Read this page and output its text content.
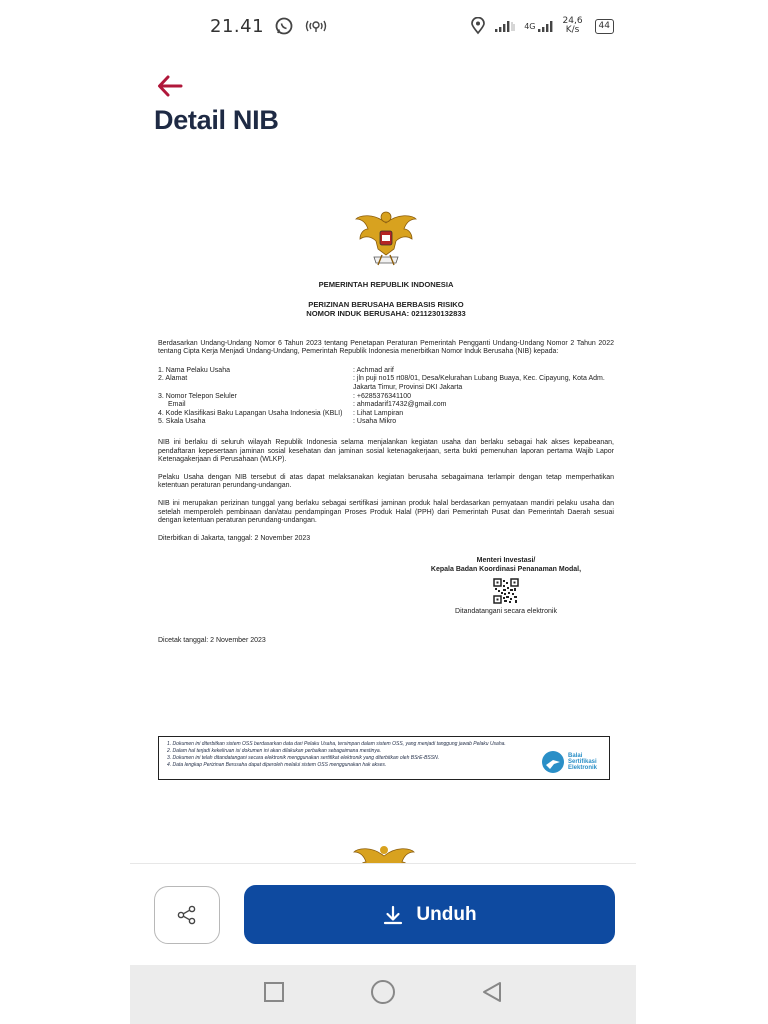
21.41	4G	24,6
K/s	44
Detail NIB
PEMERINTAH REPUBLIK INDONESIA
PERIZINAN BERUSAHA BERBASIS RISIKO
NOMOR INDUK BERUSAHA: 0211230132833
Berdasarkan Undang-Undang Nomor 6 Tahun 2023 tentang Penetapan Peraturan Pemerintah Pengganti Undang-Undang Nomor 2 Tahun 2022 tentang Cipta Kerja Menjadi Undang-Undang, Pemerintah Republik Indonesia menerbitkan Nomor Induk Berusaha (NIB) kepada:
1. Nama Pelaku Usaha	: Achmad arif
2. Alamat	: jln puji no15 rt08/01, Desa/Kelurahan Lubang Buaya, Kec. Cipayung, Kota Adm. Jakarta Timur, Provinsi DKI Jakarta
3. Nomor Telepon Seluler	: +6285376341100
Email	: ahmadarif17432@gmail.com
4. Kode Klasifikasi Baku Lapangan Usaha Indonesia (KBLI) : Lihat Lampiran
5. Skala Usaha	: Usaha Mikro
NIB ini berlaku di seluruh wilayah Republik Indonesia selama menjalankan kegiatan usaha dan berlaku sebagai hak akses kepabeanan, pendaftaran kepesertaan jaminan sosial kesehatan dan jaminan sosial ketenagakerjaan, serta bukti pemenuhan laporan pertama Wajib Lapor Ketenagakerjaan di Perusahaan (WLKP).
Pelaku Usaha dengan NIB tersebut di atas dapat melaksanakan kegiatan berusaha sebagaimana terlampir dengan tetap memperhatikan ketentuan peraturan perundang-undangan.
NIB ini merupakan perizinan tunggal yang berlaku sebagai sertifikasi jaminan produk halal berdasarkan pernyataan mandiri pelaku usaha dan setelah memperoleh pembinaan dan/atau pendampingan Proses Produk Halal (PPH) dari Pemerintah Pusat dan Pemerintah Daerah sesuai dengan ketentuan peraturan perundang-undangan.
Diterbitkan di Jakarta, tanggal: 2 November 2023
Menteri Investasi/
Kepala Badan Koordinasi Penanaman Modal,
Ditandatangani secara elektronik
Dicetak tanggal: 2 November 2023
1. Dokumen ini diterbitkan sistem OSS berdasarkan data dari Pelaku Usaha, tersimpan dalam sistem OSS, yang menjadi tanggung jawab Pelaku Usaha.
2. Dalam hal terjadi kekeliruan isi dokumen ini akan dilakukan perbaikan sebagaimana mestinya.
3. Dokumen ini telah ditandatangani secara elektronik menggunakan sertifikat elektronik yang diterbitkan oleh BSrE-BSSN.
4. Data lengkap Perizinan Berusaha dapat diperoleh melalui sistem OSS menggunakan hak akses.
Balai
Sertifikasi
Elektronik
Unduh
